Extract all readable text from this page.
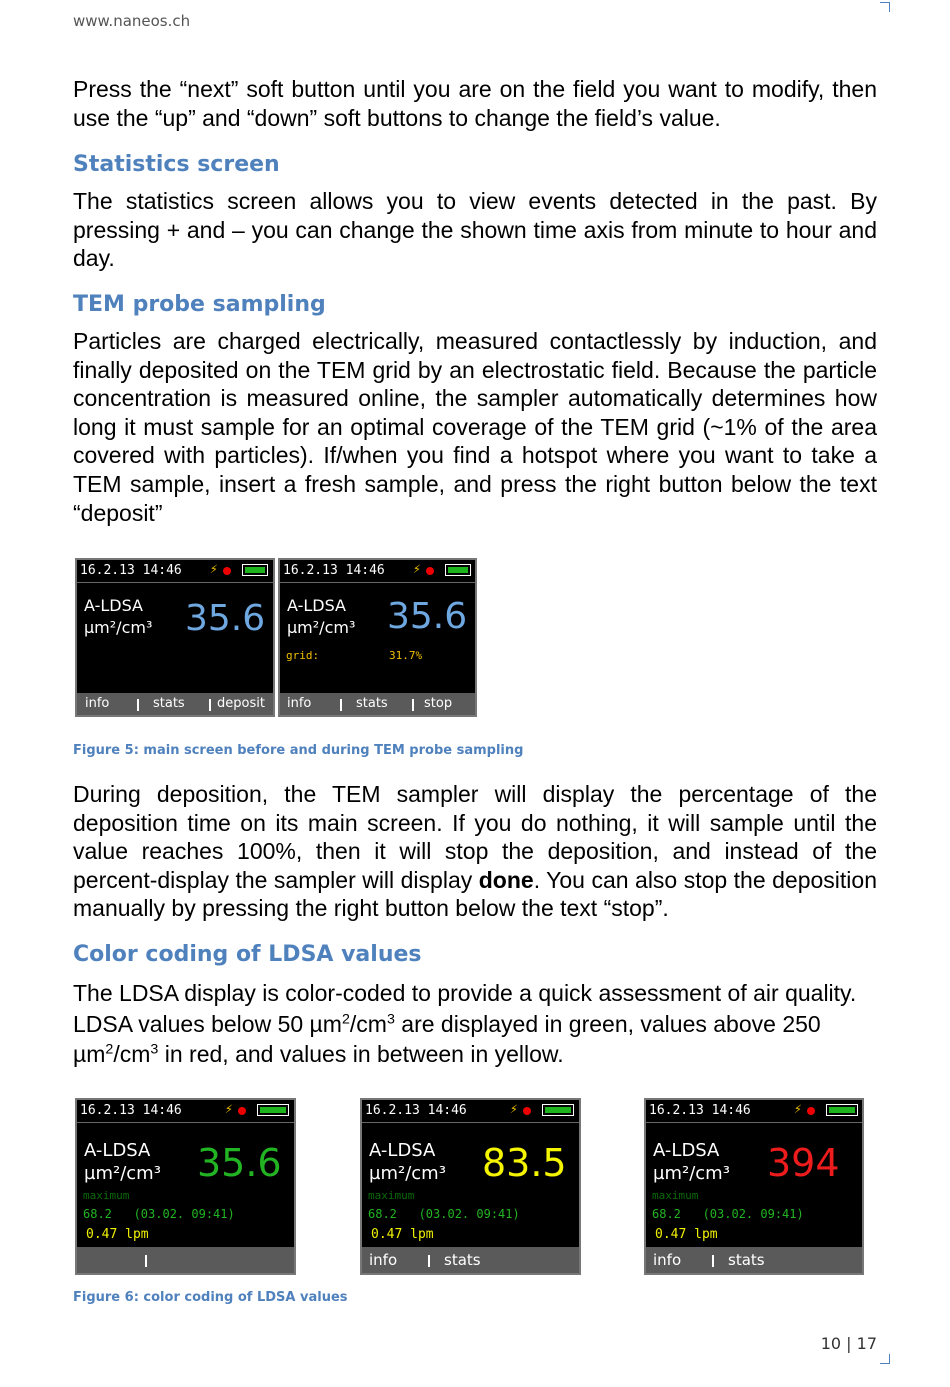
www.naneos.ch
Press the “next” soft button until you are on the field you want to modify, then use the “up” and “down” soft buttons to change the field’s value.
Statistics screen
The statistics screen allows you to view events detected in the past. By pressing + and – you can change the shown time axis from minute to hour and day.
TEM probe sampling
Particles are charged electrically, measured contactlessly by induction, and finally deposited on the TEM grid by an electrostatic field. Because the particle concentration is measured online, the sampler automatically determines how long it must sample for an optimal coverage of the TEM grid (~1% of the area covered with particles). If/when you find a hotspot where you want to take a TEM sample, insert a fresh sample, and press the right button below the text “deposit”
16.2.13 14:46 ⚡
A-LDSA
µm²/cm³ 35.6
info	stats deposit
16.2.13 14:46 ⚡
A-LDSA
µm²/cm³ 35.6
grid:	31.7%
info	stats	stop
Figure 5: main screen before and during TEM probe sampling
During deposition, the TEM sampler will display the percentage of the deposition time on its main screen. If you do nothing, it will sample until the value reaches 100%, then it will stop the deposition, and instead of the percent-display the sampler will display done. You can also stop the deposition manually by pressing the right button below the text “stop”.
Color coding of LDSA values
The LDSA display is color-coded to provide a quick assessment of air quality. LDSA values below 50 $\mu m^2/cm^3$ are displayed in green, values above 250 $\mu m^2/cm^3$ in red, and values in between in yellow.
16.2.13 14:46	⚡
A-LDSA
µm²/cm³ 35.6
maximum
68.2   (03.02. 09:41)
0.47 lpm
16.2.13 14:46	⚡
A-LDSA
µm²/cm³ 83.5
maximum
68.2   (03.02. 09:41)
0.47 lpm
info	stats
16.2.13 14:46	⚡
A-LDSA
µm²/cm³ 394
maximum
68.2   (03.02. 09:41)
0.47 lpm
info	stats
Figure 6: color coding of LDSA values
10 | 17
